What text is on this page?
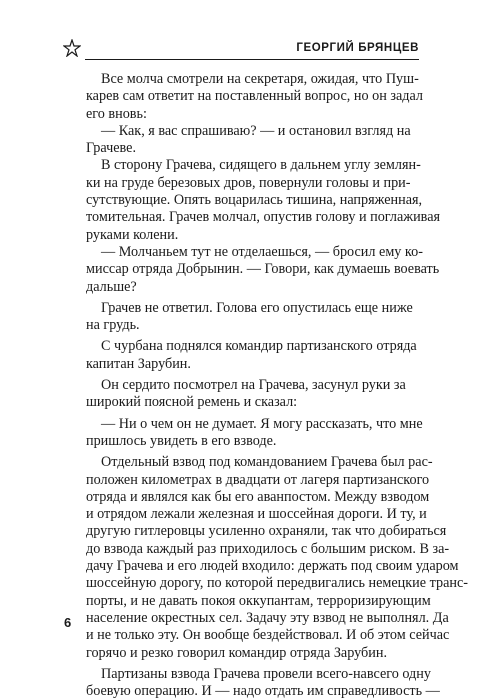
ГЕОРГИЙ БРЯНЦЕВ
Все молча смотрели на секретаря, ожидая, что Пуш-
карев сам ответит на поставленный вопрос, но он задал
его вновь:
— Как, я вас спрашиваю? — и остановил взгляд на
Грачеве.
В сторону Грачева, сидящего в дальнем углу землян-
ки на груде березовых дров, повернули головы и при-
сутствующие. Опять воцарилась тишина, напряженная,
томительная. Грачев молчал, опустив голову и поглаживая
руками колени.
— Молчаньем тут не отделаешься, — бросил ему ко-
миссар отряда Добрынин. — Говори, как думаешь воевать
дальше?
Грачев не ответил. Голова его опустилась еще ниже
на грудь.
С чурбана поднялся командир партизанского отряда
капитан Зарубин.
Он сердито посмотрел на Грачева, засунул руки за
широкий поясной ремень и сказал:
— Ни о чем он не думает. Я могу рассказать, что мне
пришлось увидеть в его взводе.
Отдельный взвод под командованием Грачева был рас-
положен километрах в двадцати от лагеря партизанского
отряда и являлся как бы его аванпостом. Между взводом
и отрядом лежали железная и шоссейная дороги. И ту, и
другую гитлеровцы усиленно охраняли, так что добираться
до взвода каждый раз приходилось с большим риском. В за-
дачу Грачева и его людей входило: держать под своим ударом
шоссейную дорогу, по которой передвигались немецкие транс-
порты, и не давать покоя оккупантам, терроризирующим
население окрестных сел. Задачу эту взвод не выполнял. Да
и не только эту. Он вообще бездействовал. И об этом сейчас
горячо и резко говорил командир отряда Зарубин.
Партизаны взвода Грачева провели всего-навсего одну
боевую операцию. И — надо отдать им справедливость —
6
